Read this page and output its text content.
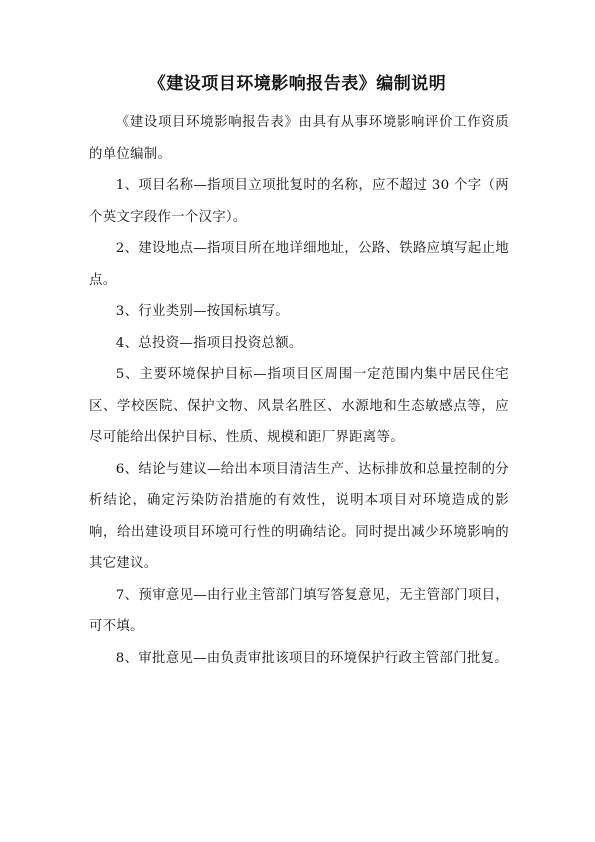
《建设项目环境影响报告表》编制说明

《建设项目环境影响报告表》由具有从事环境影响评价工作资质的单位编制。

1、项目名称—指项目立项批复时的名称，应不超过 30 个字（两个英文字段作一个汉字）。

2、建设地点—指项目所在地详细地址，公路、铁路应填写起止地点。

3、行业类别—按国标填写。

4、总投资—指项目投资总额。

5、主要环境保护目标—指项目区周围一定范围内集中居民住宅区、学校医院、保护文物、风景名胜区、水源地和生态敏感点等，应尽可能给出保护目标、性质、规模和距厂界距离等。

6、结论与建议—给出本项目清洁生产、达标排放和总量控制的分析结论，确定污染防治措施的有效性，说明本项目对环境造成的影响，给出建设项目环境可行性的明确结论。同时提出减少环境影响的其它建议。

7、预审意见—由行业主管部门填写答复意见，无主管部门项目，可不填。

8、审批意见—由负责审批该项目的环境保护行政主管部门批复。
